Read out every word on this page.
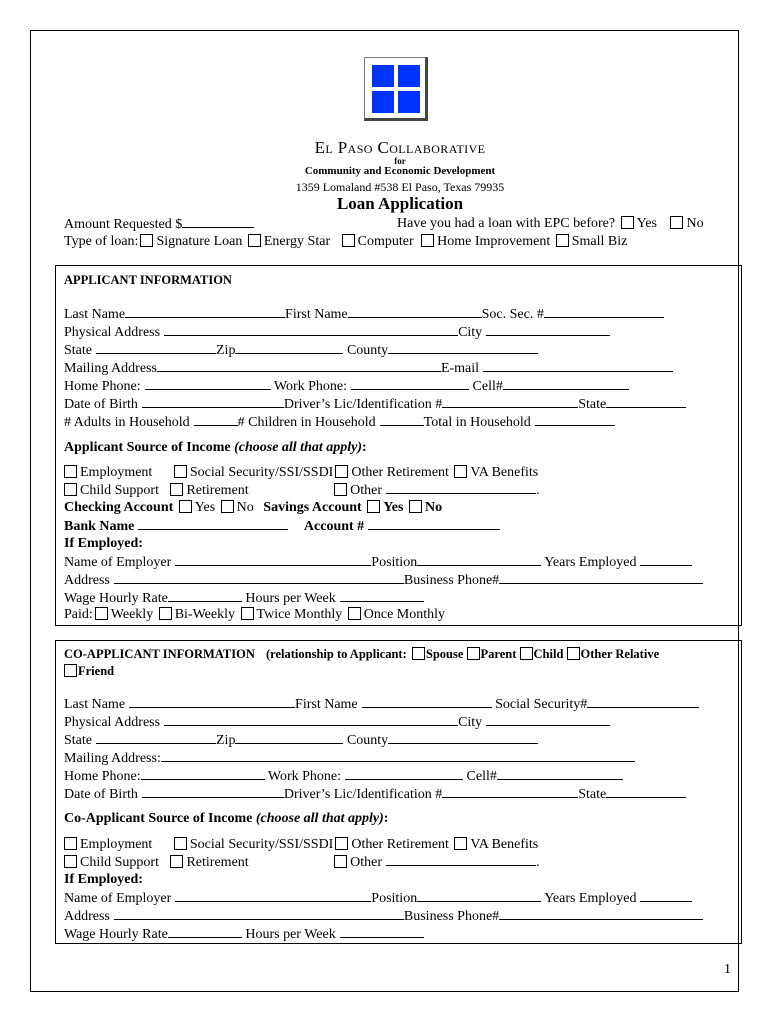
El Paso Collaborative
for
Community and Economic Development
1359 Lomaland #538 El Paso, Texas 79935
Loan Application
Amount Requested $	Have you had a loan with EPC before? Yes No
Type of loan: Signature Loan Energy Star Computer Home Improvement Small Biz
APPLICANT INFORMATION
Last Name	First Name	Soc. Sec. #
Physical Address	City
State	Zip	County
Mailing Address	E-mail
Home Phone:	Work Phone:	Cell#
Date of Birth	Driver’s Lic/Identification #	State
# Adults in Household	# Children in Household	Total in Household
Applicant Source of Income (choose all that apply):
Employment	Social Security/SSI/SSDI Other Retirement VA Benefits
Child Support Retirement	Other	.
Checking Account Yes No Savings Account Yes No
Bank Name	Account #
If Employed:
Name of Employer	Position	Years Employed
Address	Business Phone#
Wage Hourly Rate	Hours per Week
Paid: Weekly Bi-Weekly Twice Monthly Once Monthly
CO-APPLICANT INFORMATION (relationship to Applicant: Spouse Parent Child Other Relative
Friend
Last Name	First Name	Social Security#
Physical Address	City
State	Zip	County
Mailing Address:
Home Phone:	Work Phone:	Cell#
Date of Birth	Driver’s Lic/Identification #	State
Co-Applicant Source of Income (choose all that apply):
Employment	Social Security/SSI/SSDI Other Retirement VA Benefits
Child Support Retirement	Other	.
If Employed:
Name of Employer	Position	Years Employed
Address	Business Phone#
Wage Hourly Rate	Hours per Week
1
